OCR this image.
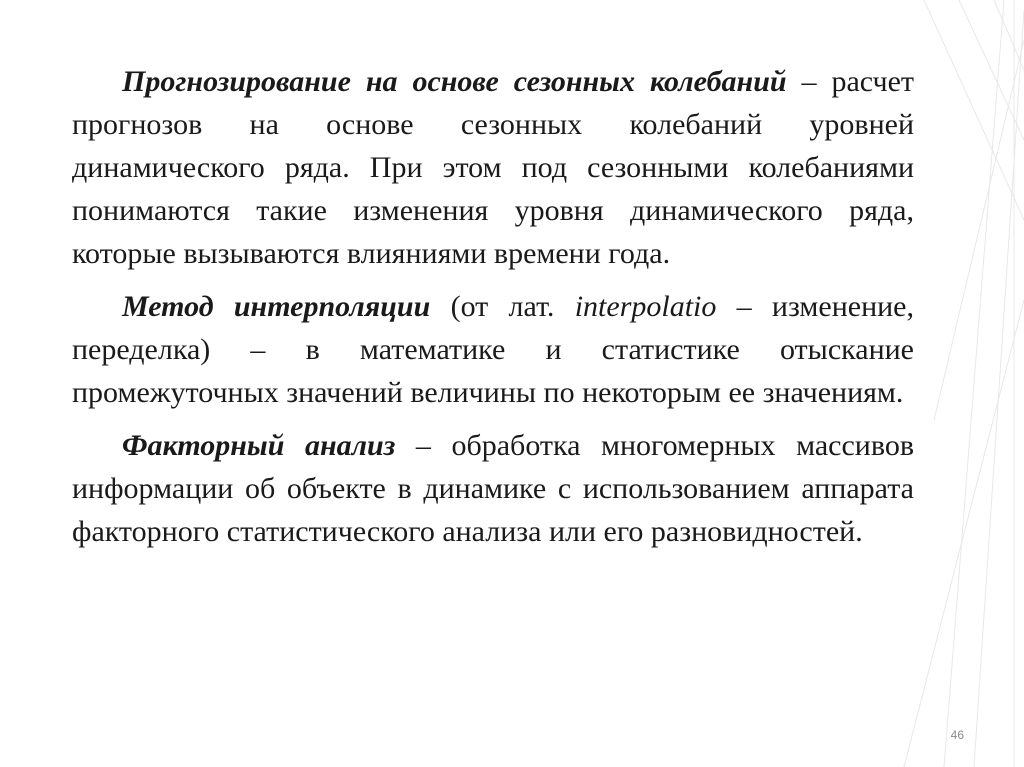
Прогнозирование на основе сезонных колебаний – расчет прогнозов на основе сезонных колебаний уровней динамического ряда. При этом под сезонными колебаниями понимаются такие изменения уровня динамического ряда, которые вызываются влияниями времени года.

Метод интерполяции (от лат. interpolatio – изменение, переделка) – в математике и статистике отыскание промежуточных значений величины по некоторым ее значениям.

Факторный анализ – обработка многомерных массивов информации об объекте в динамике с использованием аппарата факторного статистического анализа или его разновидностей.

46
